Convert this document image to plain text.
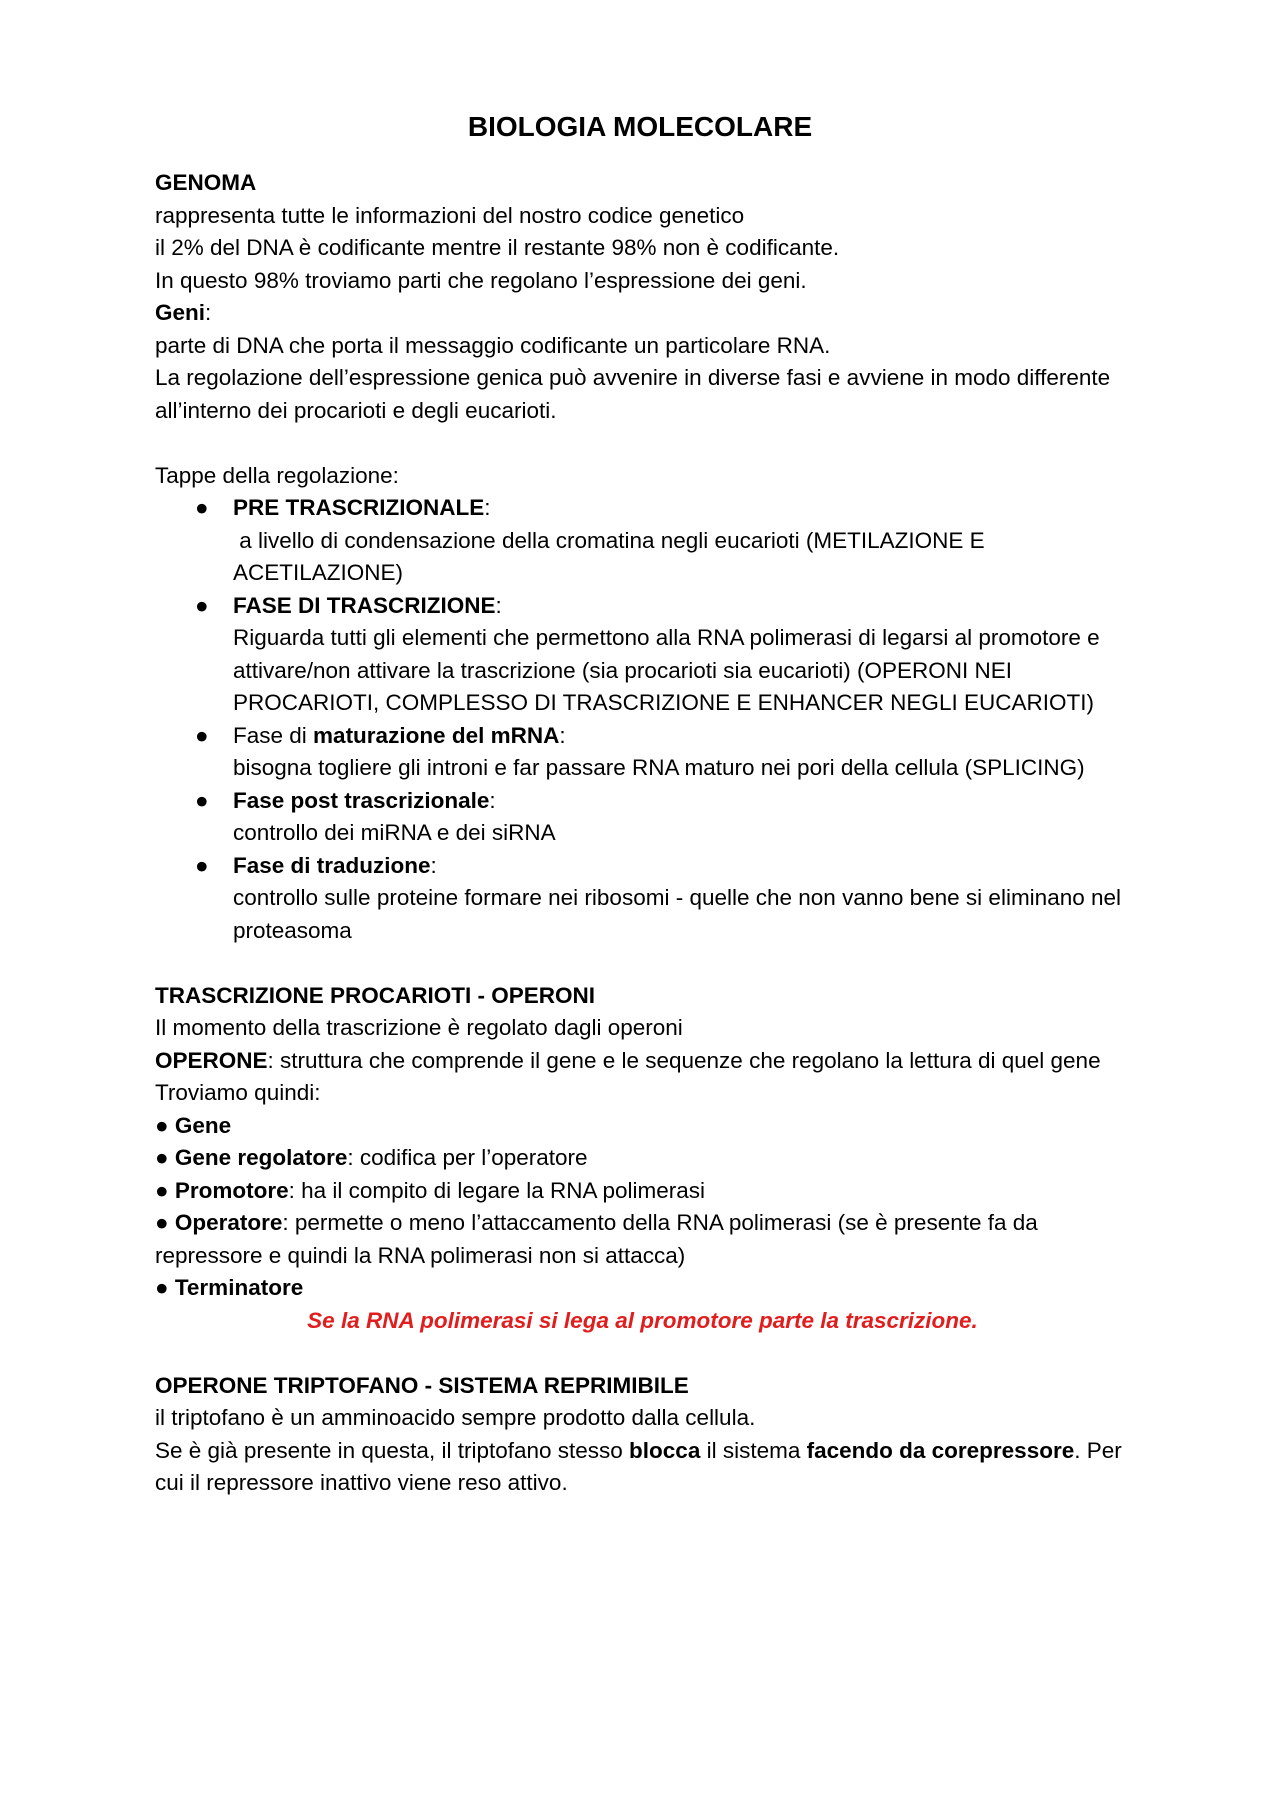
BIOLOGIA MOLECOLARE

GENOMA

rappresenta tutte le informazioni del nostro codice genetico

il 2% del DNA è codificante mentre il restante 98% non è codificante.

In questo 98% troviamo parti che regolano l’espressione dei geni.

Geni:

parte di DNA che porta il messaggio codificante un particolare RNA.

La regolazione dell’espressione genica può avvenire in diverse fasi e avviene in modo differente all’interno dei procarioti e degli eucarioti.

Tappe della regolazione:

● PRE TRASCRIZIONALE:
a livello di condensazione della cromatina negli eucarioti (METILAZIONE E ACETILAZIONE)
● FASE DI TRASCRIZIONE:
Riguarda tutti gli elementi che permettono alla RNA polimerasi di legarsi al promotore e attivare/non attivare la trascrizione (sia procarioti sia eucarioti) (OPERONI NEI PROCARIOTI, COMPLESSO DI TRASCRIZIONE E ENHANCER NEGLI EUCARIOTI)
● Fase di maturazione del mRNA:
bisogna togliere gli introni e far passare RNA maturo nei pori della cellula (SPLICING)
● Fase post trascrizionale:
controllo dei miRNA e dei siRNA
● Fase di traduzione:
controllo sulle proteine formare nei ribosomi - quelle che non vanno bene si eliminano nel proteasoma

TRASCRIZIONE PROCARIOTI - OPERONI

Il momento della trascrizione è regolato dagli operoni

OPERONE: struttura che comprende il gene e le sequenze che regolano la lettura di quel gene

Troviamo quindi:

● Gene

● Gene regolatore: codifica per l’operatore

● Promotore: ha il compito di legare la RNA polimerasi

● Operatore: permette o meno l’attaccamento della RNA polimerasi (se è presente fa da repressore e quindi la RNA polimerasi non si attacca)

● Terminatore

Se la RNA polimerasi si lega al promotore parte la trascrizione.

OPERONE TRIPTOFANO - SISTEMA REPRIMIBILE

il triptofano è un amminoacido sempre prodotto dalla cellula.

Se è già presente in questa, il triptofano stesso blocca il sistema facendo da corepressore. Per cui il repressore inattivo viene reso attivo.
